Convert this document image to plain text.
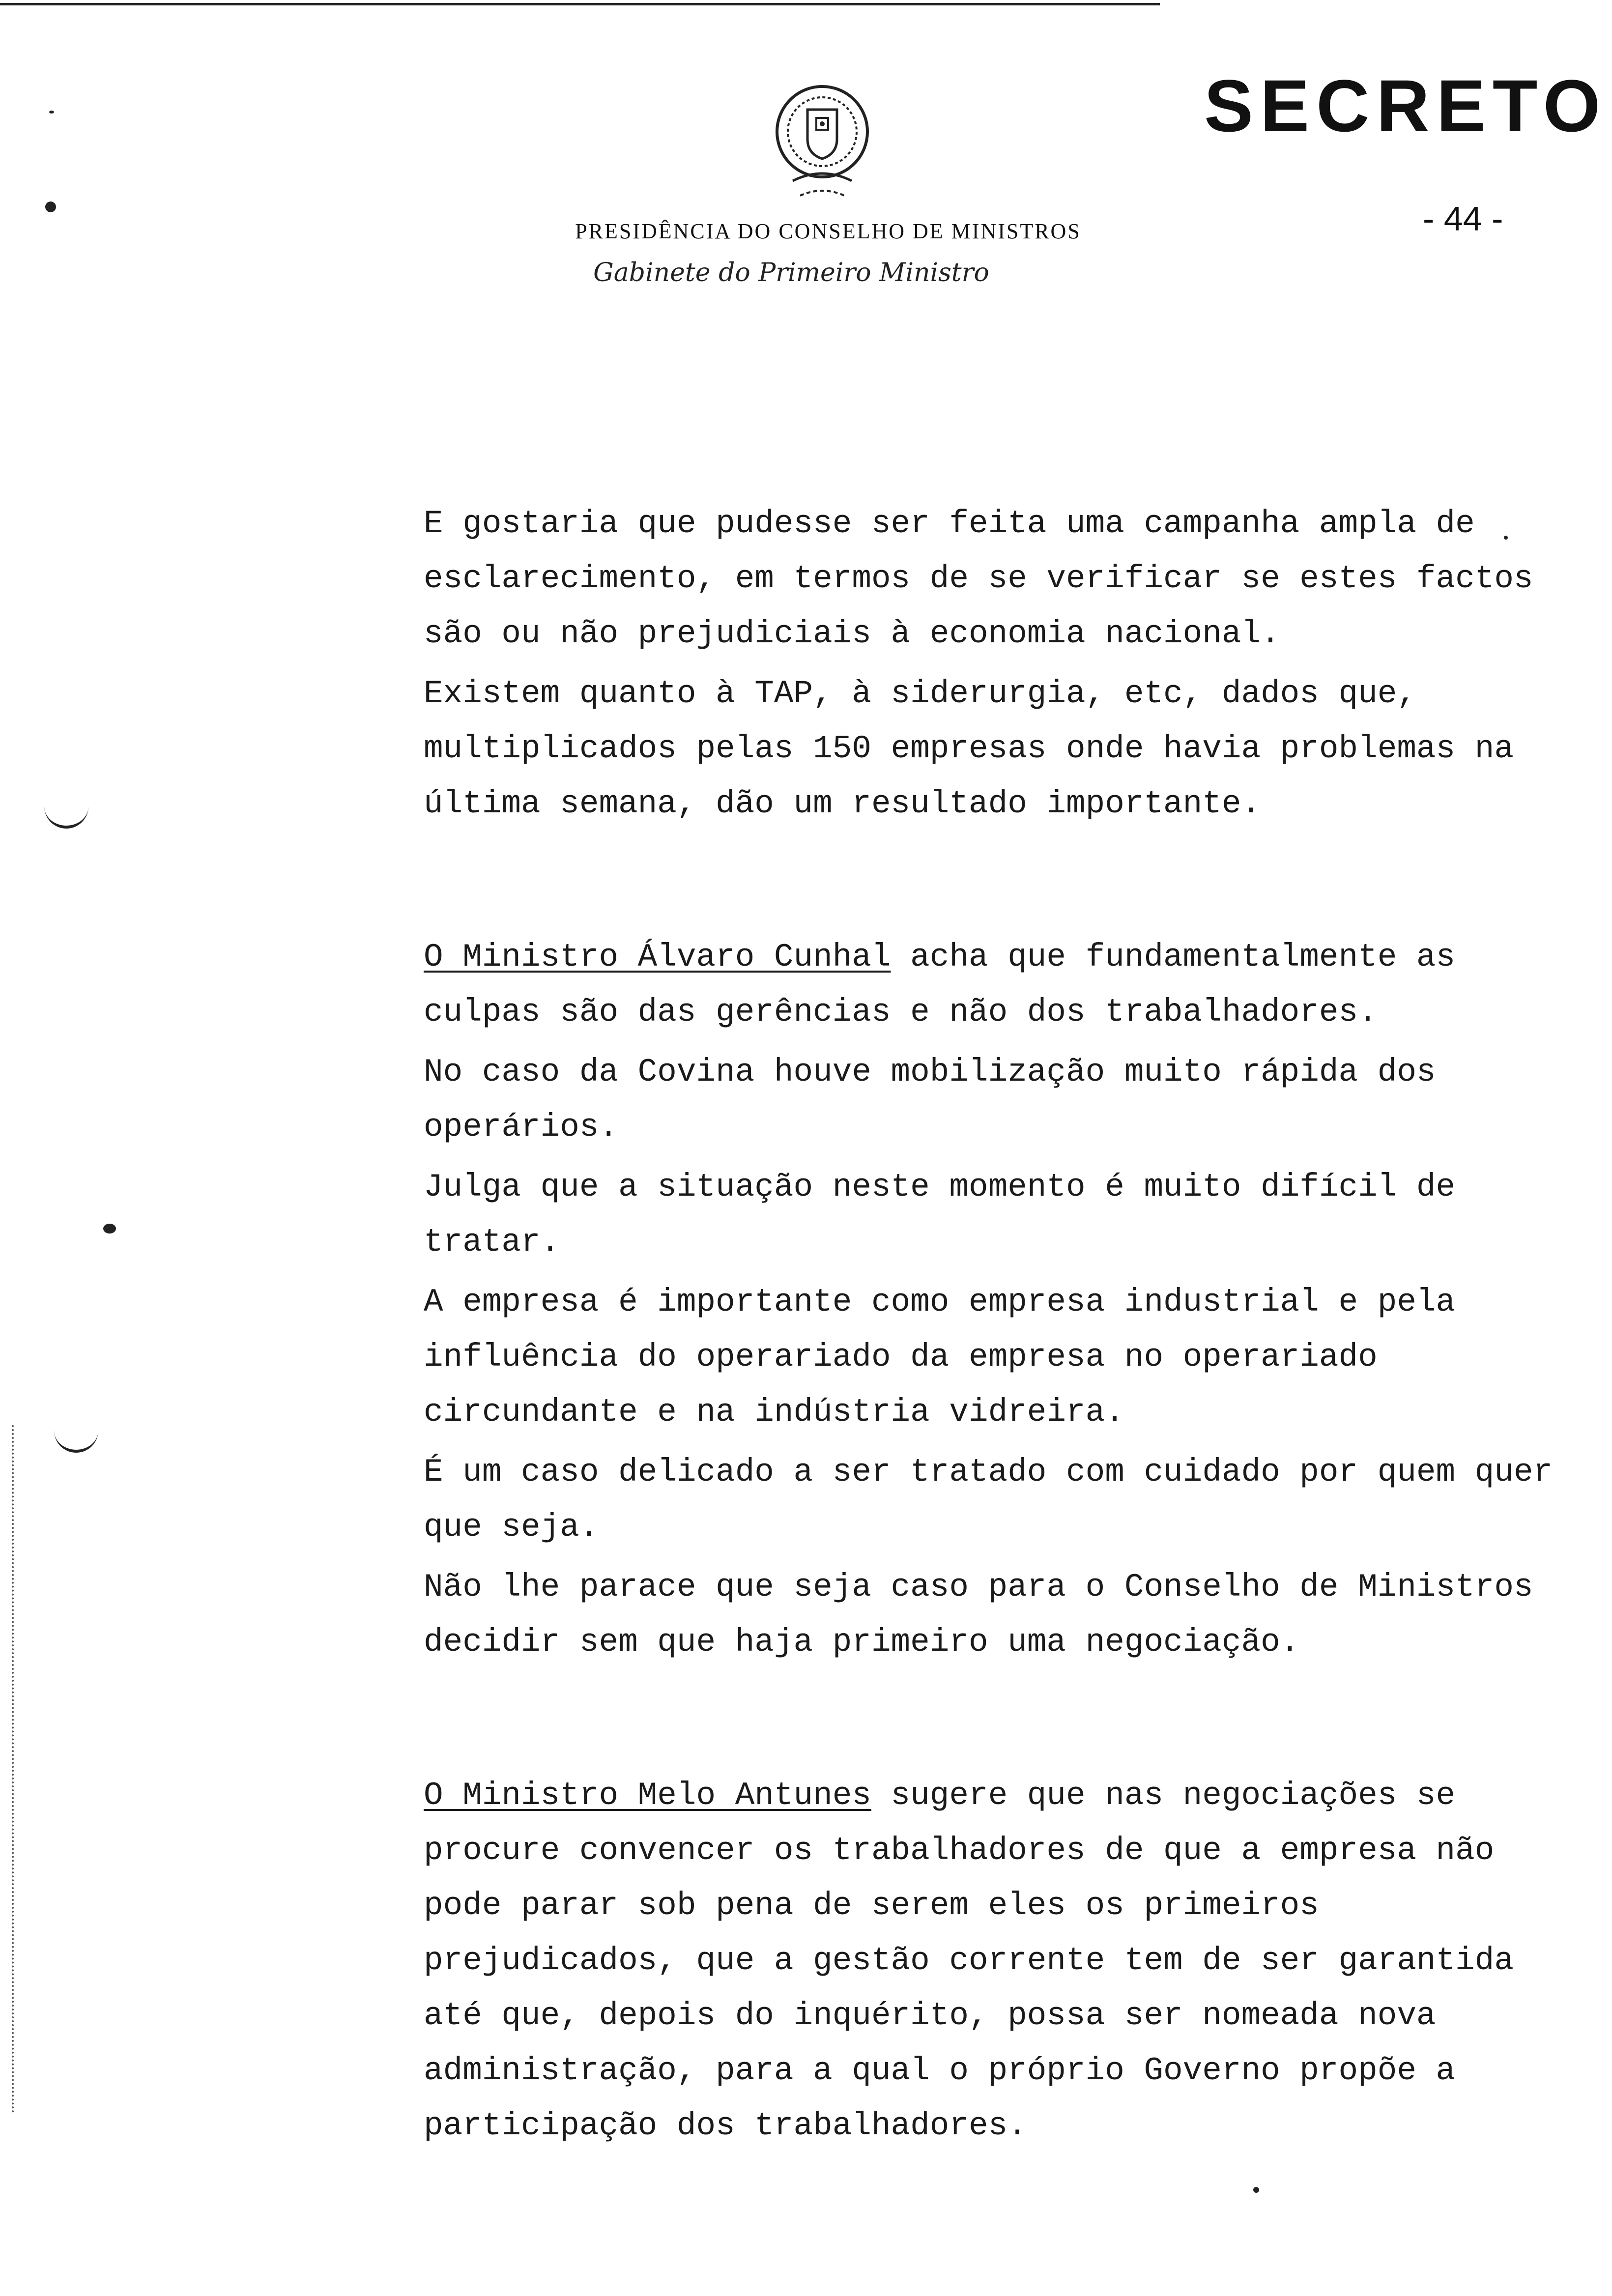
SECRETO
- 44 -
PRESIDÊNCIA DO CONSELHO DE MINISTROS
Gabinete do Primeiro Ministro

E gostaria que pudesse ser feita uma campanha ampla de esclarecimento, em termos de se verificar se estes factos são ou não prejudiciais à economia nacional.

Existem quanto à TAP, à siderurgia, etc, dados que, multiplicados pelas 150 empresas onde havia problemas na última semana, dão um resultado importante.

O Ministro Álvaro Cunhal acha que fundamentalmente as culpas são das gerências e não dos trabalhadores.

No caso da Covina houve mobilização muito rápida dos operários.

Julga que a situação neste momento é muito difícil de tratar.

A empresa é importante como empresa industrial e pela influência do operariado da empresa no operariado circundante e na indústria vidreira.

É um caso delicado a ser tratado com cuidado por quem quer que seja.

Não lhe parace que seja caso para o Conselho de Ministros decidir sem que haja primeiro uma negociação.

O Ministro Melo Antunes sugere que nas negociações se procure convencer os trabalhadores de que a empresa não pode parar sob pena de serem eles os primeiros prejudicados, que a gestão corrente tem de ser garantida até que, depois do inquérito, possa ser nomeada nova administração, para a qual o próprio Governo propõe a participação dos trabalhadores.
